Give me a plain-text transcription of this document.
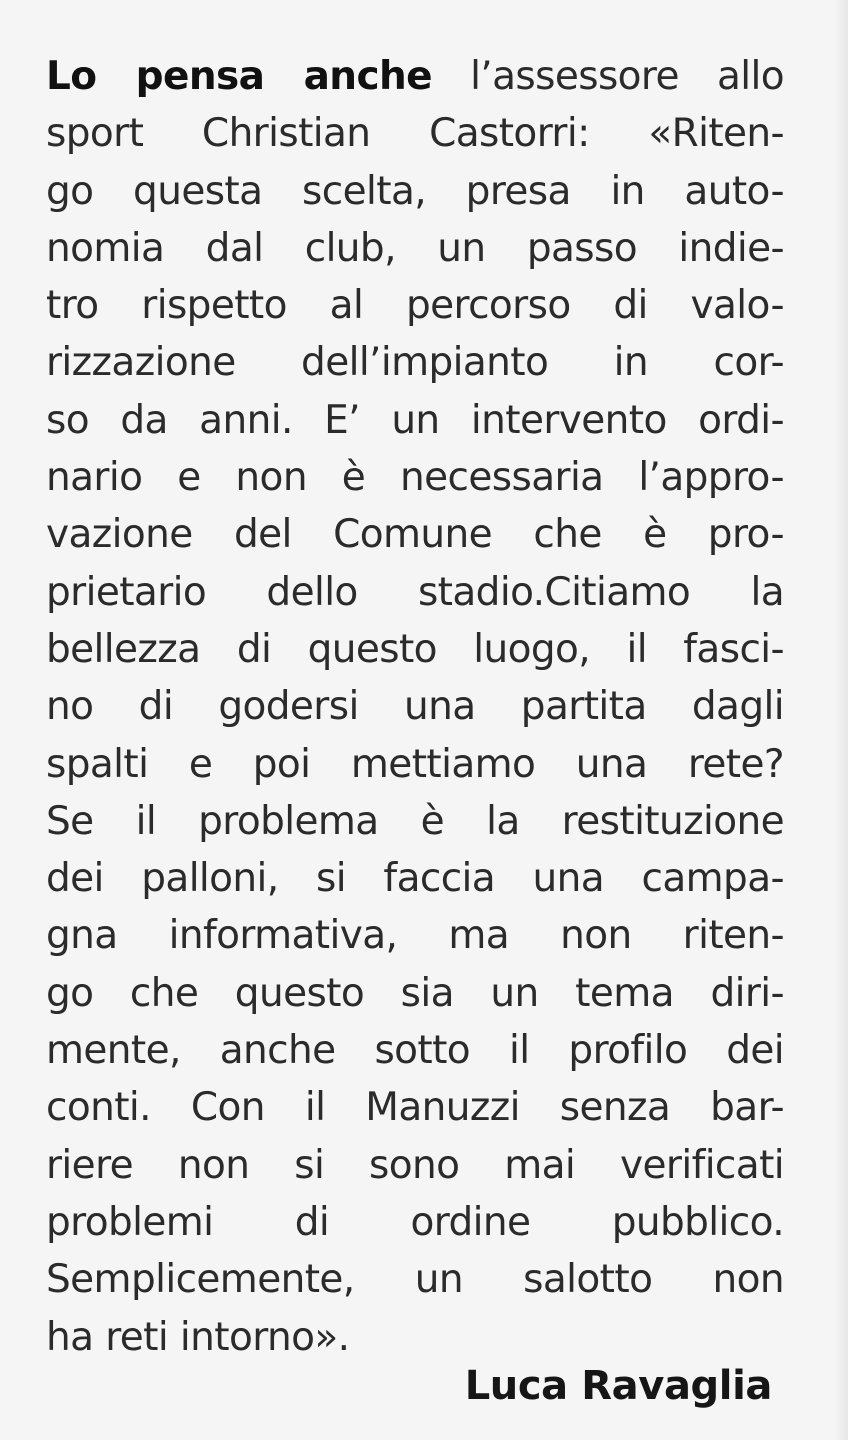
Lo pensa anche l’assessore allo
sport Christian Castorri: «Riten-
go questa scelta, presa in auto-
nomia dal club, un passo indie-
tro rispetto al percorso di valo-
rizzazione dell’impianto in cor-
so da anni. E’ un intervento ordi-
nario e non è necessaria l’appro-
vazione del Comune che è pro-
prietario dello stadio.Citiamo la
bellezza di questo luogo, il fasci-
no di godersi una partita dagli
spalti e poi mettiamo una rete?
Se il problema è la restituzione
dei palloni, si faccia una campa-
gna informativa, ma non riten-
go che questo sia un tema diri-
mente, anche sotto il profilo dei
conti. Con il Manuzzi senza bar-
riere non si sono mai verificati
problemi di ordine pubblico.
Semplicemente, un salotto non
ha reti intorno».
Luca Ravaglia
